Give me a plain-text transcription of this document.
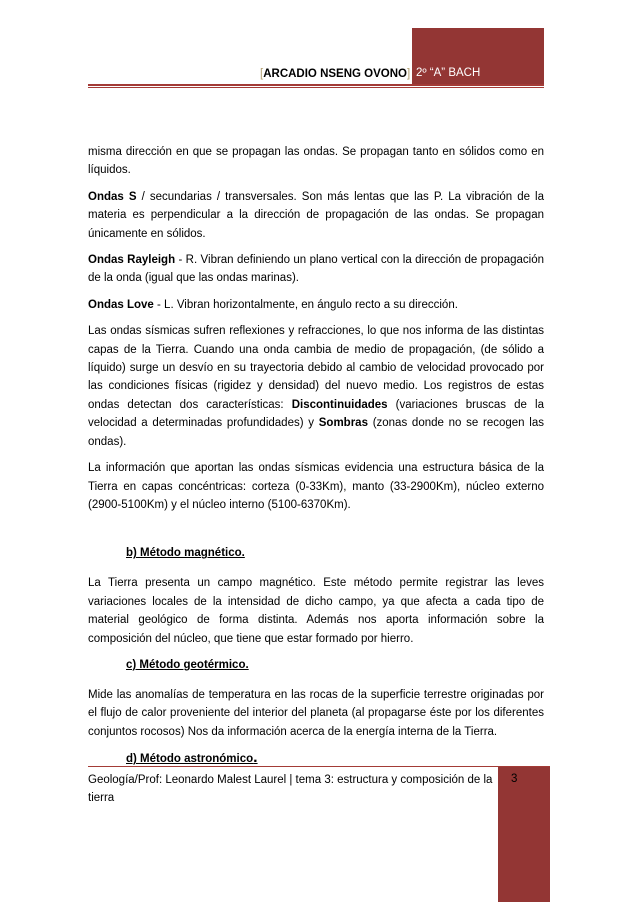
2º “A” BACH
[ARCADIO NSENG OVONO]

misma dirección en que se propagan las ondas. Se propagan tanto en sólidos como en líquidos.

Ondas S / secundarias / transversales. Son más lentas que las P. La vibración de la materia es perpendicular a la dirección de propagación de las ondas. Se propagan únicamente en sólidos.

Ondas Rayleigh - R. Vibran definiendo un plano vertical con la dirección de propagación de la onda (igual que las ondas marinas).

Ondas Love - L. Vibran horizontalmente, en ángulo recto a su dirección.

Las ondas sísmicas sufren reflexiones y refracciones, lo que nos informa de las distintas capas de la Tierra. Cuando una onda cambia de medio de propagación, (de sólido a líquido) surge un desvío en su trayectoria debido al cambio de velocidad provocado por las condiciones físicas (rigidez y densidad) del nuevo medio. Los registros de estas ondas detectan dos características: Discontinuidades (variaciones bruscas de la velocidad a determinadas profundidades) y Sombras (zonas donde no se recogen las ondas).

La información que aportan las ondas sísmicas evidencia una estructura básica de la Tierra en capas concéntricas: corteza (0-33Km), manto (33-2900Km), núcleo externo (2900-5100Km) y el núcleo interno (5100-6370Km).

b) Método magnético.

La Tierra presenta un campo magnético. Este método permite registrar las leves variaciones locales de la intensidad de dicho campo, ya que afecta a cada tipo de material geológico de forma distinta. Además nos aporta información sobre la composición del núcleo, que tiene que estar formado por hierro.

c) Método geotérmico.

Mide las anomalías de temperatura en las rocas de la superficie terrestre originadas por el flujo de calor proveniente del interior del planeta (al propagarse éste por los diferentes conjuntos rocosos) Nos da información acerca de la energía interna de la Tierra.

d) Método astronómico.
Geología/Prof: Leonardo Malest Laurel | tema 3: estructura y composición de la tierra
3
